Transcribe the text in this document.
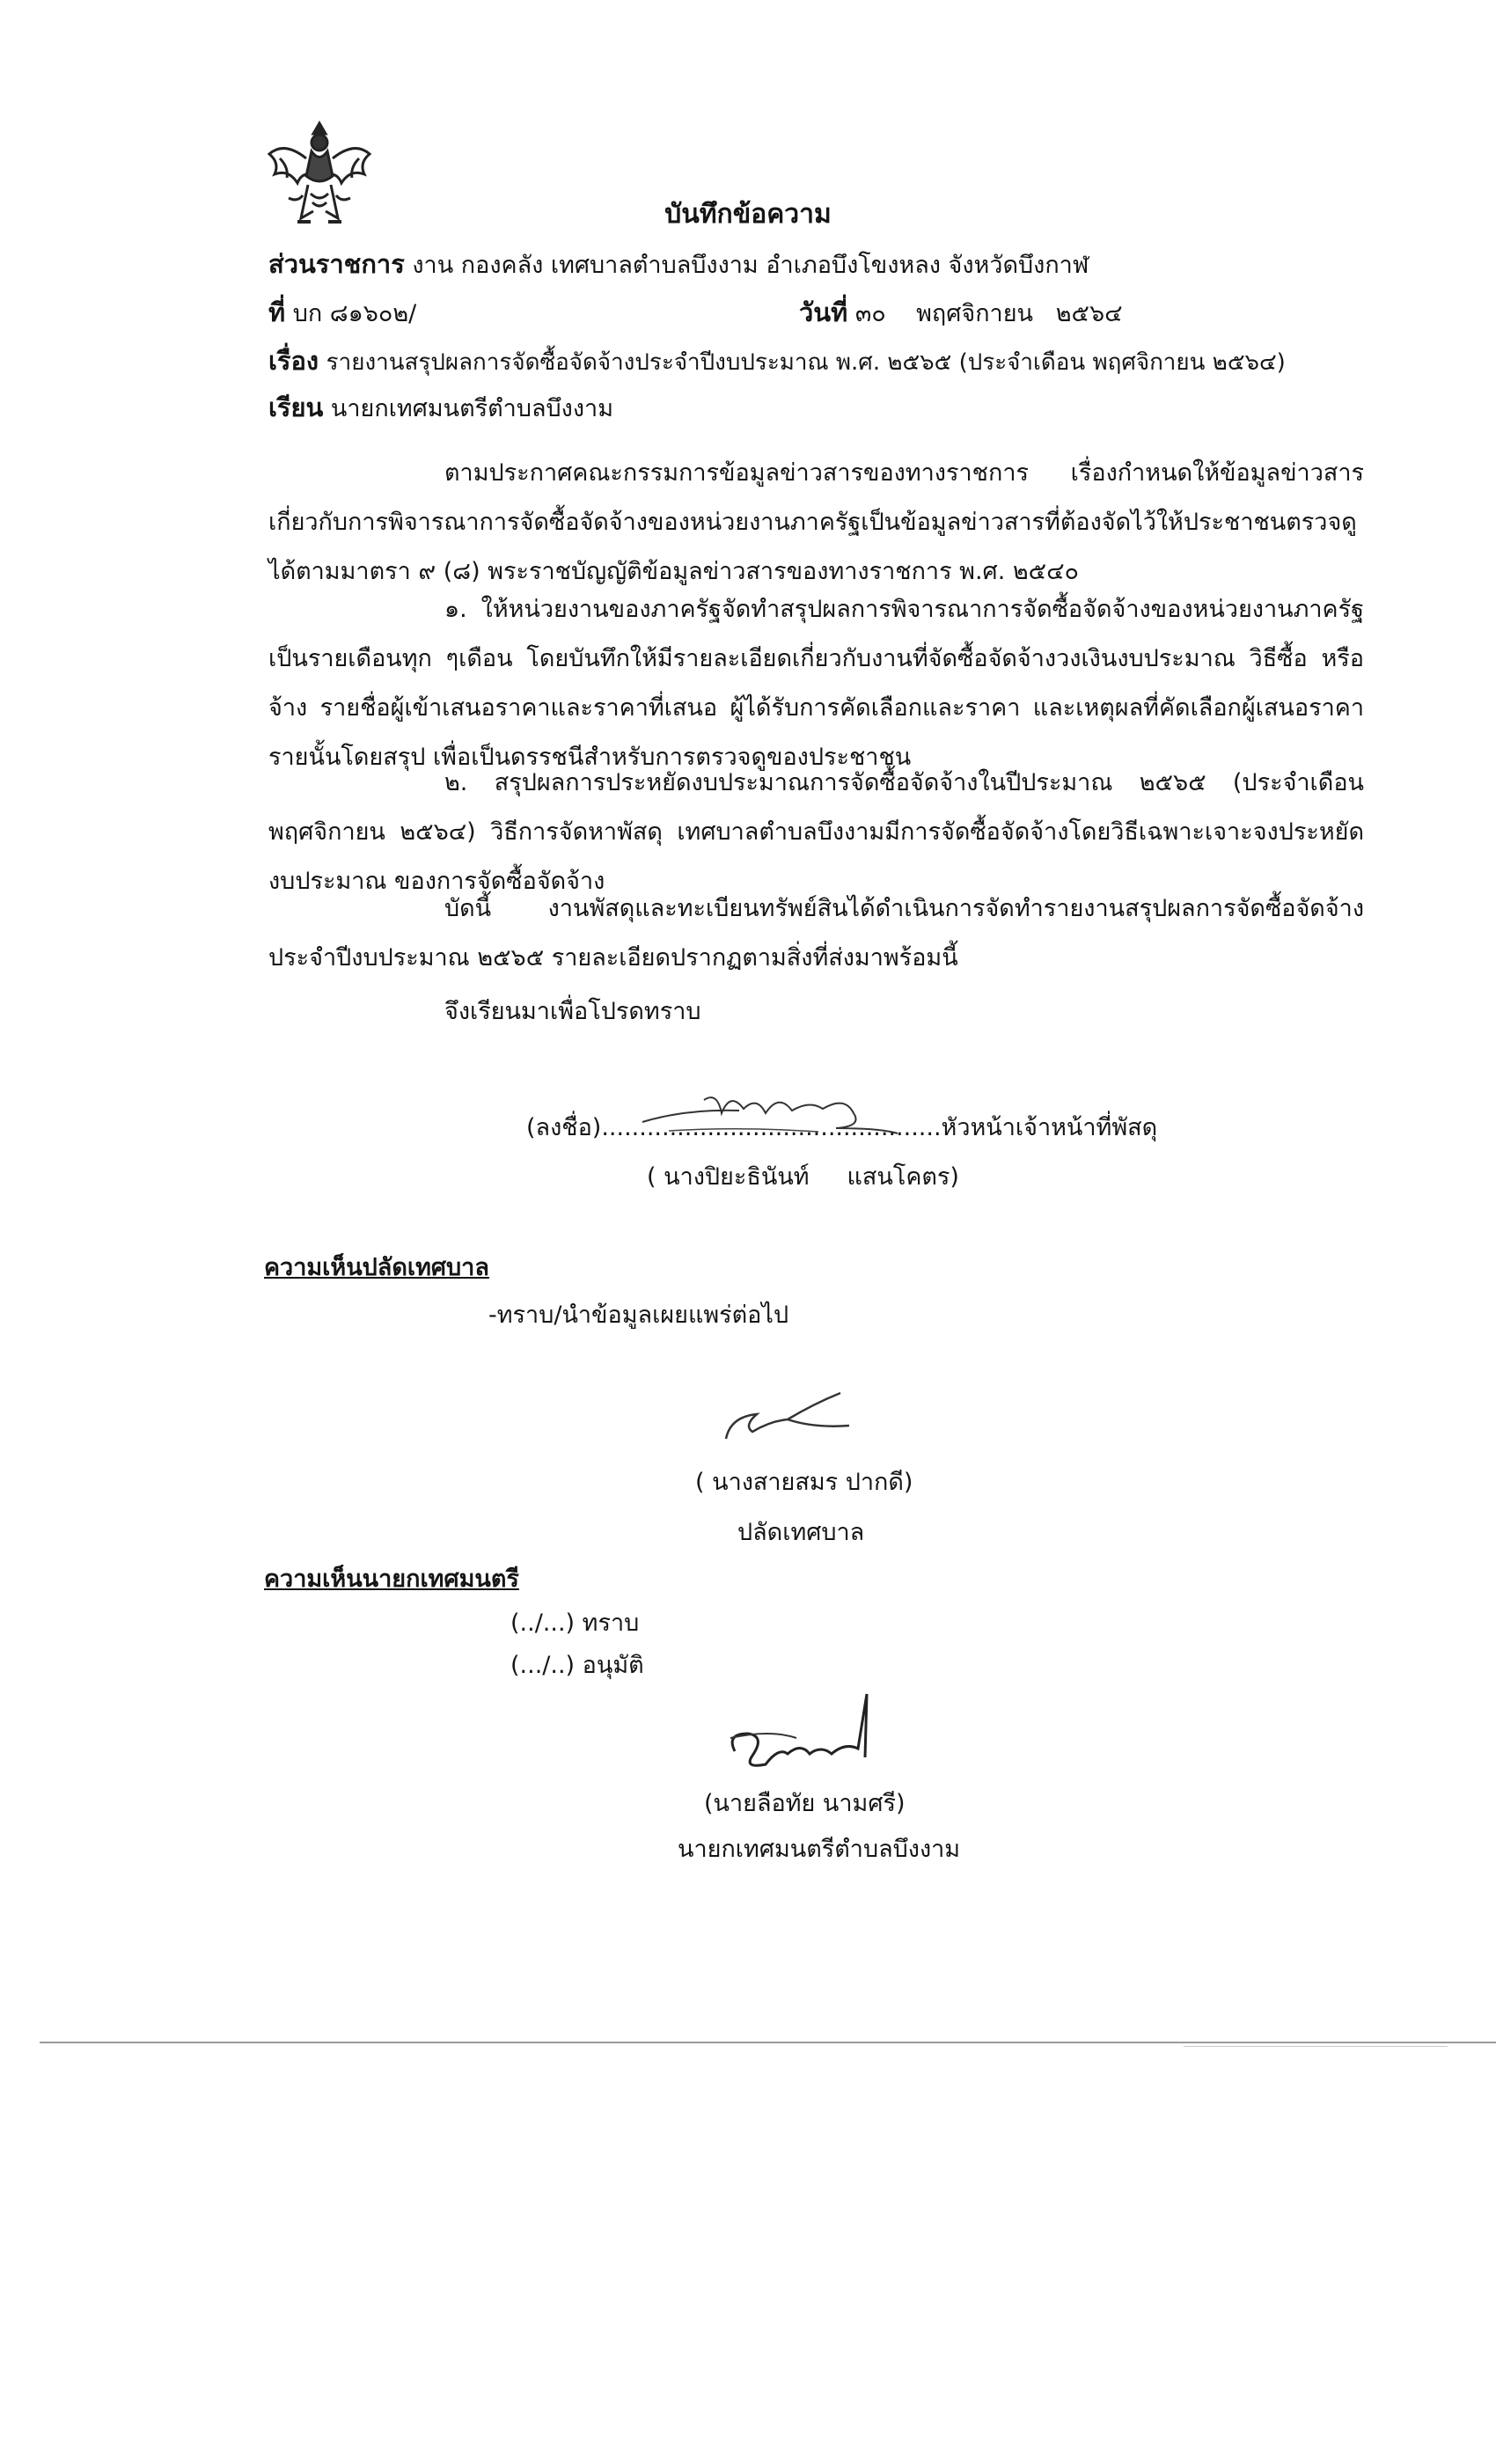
บันทึกข้อความ
ส่วนราชการ งาน กองคลัง เทศบาลตำบลบึงงาม อำเภอบึงโขงหลง จังหวัดบึงกาฬ
ที่ บก ๘๑๖๐๒/	วันที่ ๓๐    พฤศจิกายน   ๒๕๖๔
เรื่อง รายงานสรุปผลการจัดซื้อจัดจ้างประจำปีงบประมาณ พ.ศ. ๒๕๖๕ (ประจำเดือน พฤศจิกายน ๒๕๖๔)
เรียน นายกเทศมนตรีตำบลบึงงาม
ตามประกาศคณะกรรมการข้อมูลข่าวสารของทางราชการ เรื่องกำหนดให้ข้อมูลข่าวสารเกี่ยวกับการพิจารณาการจัดซื้อจัดจ้างของหน่วยงานภาครัฐเป็นข้อมูลข่าวสารที่ต้องจัดไว้ให้ประชาชนตรวจดูได้ตามมาตรา ๙ (๘) พระราชบัญญัติข้อมูลข่าวสารของทางราชการ พ.ศ. ๒๕๔๐
๑. ให้หน่วยงานของภาครัฐจัดทำสรุปผลการพิจารณาการจัดซื้อจัดจ้างของหน่วยงานภาครัฐเป็นรายเดือนทุก ๆเดือน โดยบันทึกให้มีรายละเอียดเกี่ยวกับงานที่จัดซื้อจัดจ้างวงเงินงบประมาณ วิธีซื้อ หรือจ้าง รายชื่อผู้เข้าเสนอราคาและราคาที่เสนอ ผู้ได้รับการคัดเลือกและราคา และเหตุผลที่คัดเลือกผู้เสนอราคารายนั้นโดยสรุป เพื่อเป็นดรรชนีสำหรับการตรวจดูของประชาชน
๒. สรุปผลการประหยัดงบประมาณการจัดซื้อจัดจ้างในปีประมาณ ๒๕๖๕ (ประจำเดือนพฤศจิกายน ๒๕๖๔) วิธีการจัดหาพัสดุ เทศบาลตำบลบึงงามมีการจัดซื้อจัดจ้างโดยวิธีเฉพาะเจาะจงประหยัดงบประมาณ ของการจัดซื้อจัดจ้าง
บัดนี้ งานพัสดุและทะเบียนทรัพย์สินได้ดำเนินการจัดทำรายงานสรุปผลการจัดซื้อจัดจ้างประจำปีงบประมาณ ๒๕๖๕ รายละเอียดปรากฏตามสิ่งที่ส่งมาพร้อมนี้
จึงเรียนมาเพื่อโปรดทราบ
(ลงชื่อ).............................................หัวหน้าเจ้าหน้าที่พัสดุ
( นางปิยะธินันท์     แสนโคตร)
ความเห็นปลัดเทศบาล
-ทราบ/นำข้อมูลเผยแพร่ต่อไป
( นางสายสมร ปากดี)
ปลัดเทศบาล
ความเห็นนายกเทศมนตรี
(../...) ทราบ
(.../..) อนุมัติ
(นายลือทัย นามศรี)
นายกเทศมนตรีตำบลบึงงาม
